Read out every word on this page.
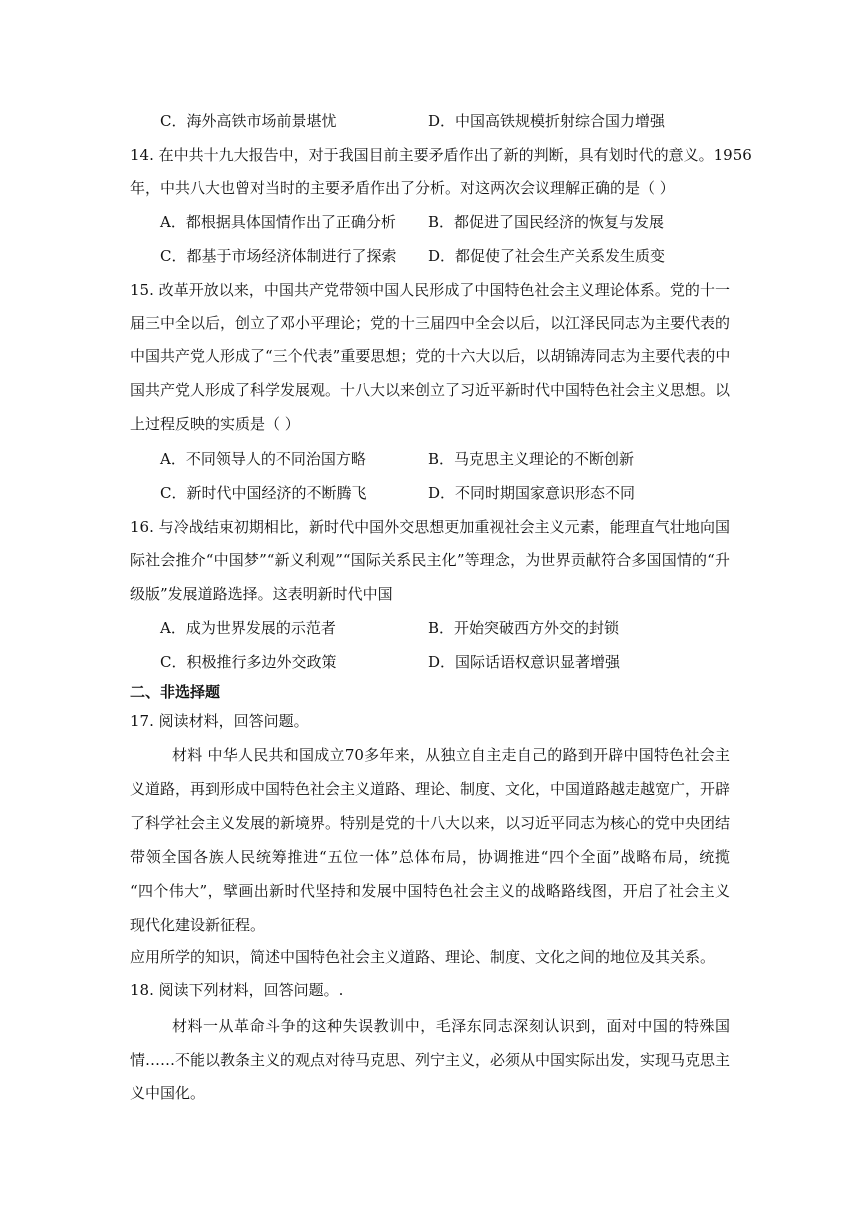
C．海外高铁市场前景堪忧	D．中国高铁规模折射综合国力增强
14. 在中共十九大报告中，对于我国目前主要矛盾作出了新的判断，具有划时代的意义。1956
年，中共八大也曾对当时的主要矛盾作出了分析。对这两次会议理解正确的是（ ）
A．都根据具体国情作出了正确分析 B．都促进了国民经济的恢复与发展
C．都基于市场经济体制进行了探索 D．都促使了社会生产关系发生质变
15. 改革开放以来，中国共产党带领中国人民形成了中国特色社会主义理论体系。党的十一
届三中全以后，创立了邓小平理论；党的十三届四中全会以后，以江泽民同志为主要代表的
中国共产党人形成了“三个代表”重要思想；党的十六大以后，以胡锦涛同志为主要代表的中
国共产党人形成了科学发展观。十八大以来创立了习近平新时代中国特色社会主义思想。以
上过程反映的实质是（ ）
A．不同领导人的不同治国方略	B．马克思主义理论的不断创新
C．新时代中国经济的不断腾飞	D．不同时期国家意识形态不同
16. 与冷战结束初期相比，新时代中国外交思想更加重视社会主义元素，能理直气壮地向国
际社会推介“中国梦”“新义利观”“国际关系民主化”等理念，为世界贡献符合多国国情的“升
级版”发展道路选择。这表明新时代中国
A．成为世界发展的示范者	B．开始突破西方外交的封锁
C．积极推行多边外交政策	D．国际话语权意识显著增强
二、非选择题
17. 阅读材料，回答问题。
材料 中华人民共和国成立70多年来，从独立自主走自己的路到开辟中国特色社会主
义道路，再到形成中国特色社会主义道路、理论、制度、文化，中国道路越走越宽广，开辟
了科学社会主义发展的新境界。特别是党的十八大以来，以习近平同志为核心的党中央团结
带领全国各族人民统筹推进“五位一体”总体布局，协调推进“四个全面”战略布局，统揽
“四个伟大”，擘画出新时代坚持和发展中国特色社会主义的战略路线图，开启了社会主义
现代化建设新征程。
应用所学的知识，简述中国特色社会主义道路、理论、制度、文化之间的地位及其关系。
18. 阅读下列材料，回答问题。.
材料一从革命斗争的这种失误教训中，毛泽东同志深刻认识到，面对中国的特殊国
情……不能以教条主义的观点对待马克思、列宁主义，必须从中国实际出发，实现马克思主
义中国化。
